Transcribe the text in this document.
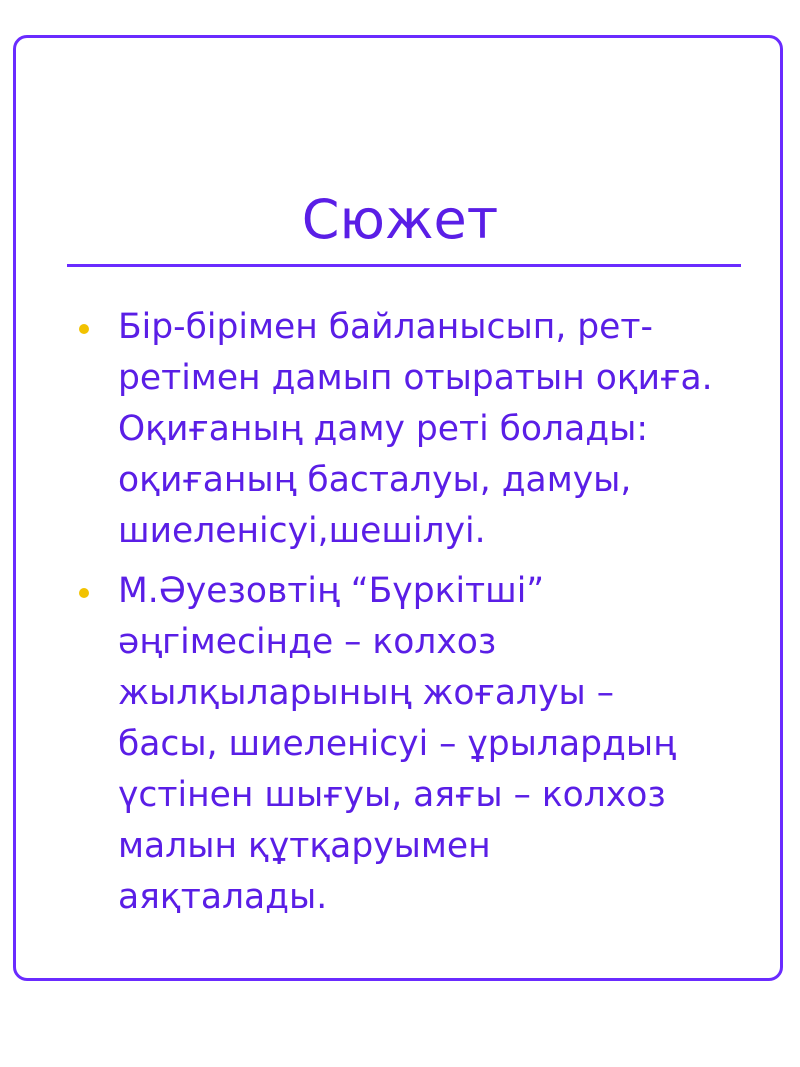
Сюжет
Бір-бірімен байланысып, рет-
ретімен дамып отыратын оқиға.
Оқиғаның даму реті болады:
оқиғаның басталуы, дамуы,
шиеленісуі,шешілуі.
М.Әуезовтің “Бүркітші”
әңгімесінде – колхоз
жылқыларының жоғалуы –
басы, шиеленісуі – ұрылардың
үстінен шығуы, аяғы – колхоз
малын құтқаруымен
аяқталады.
